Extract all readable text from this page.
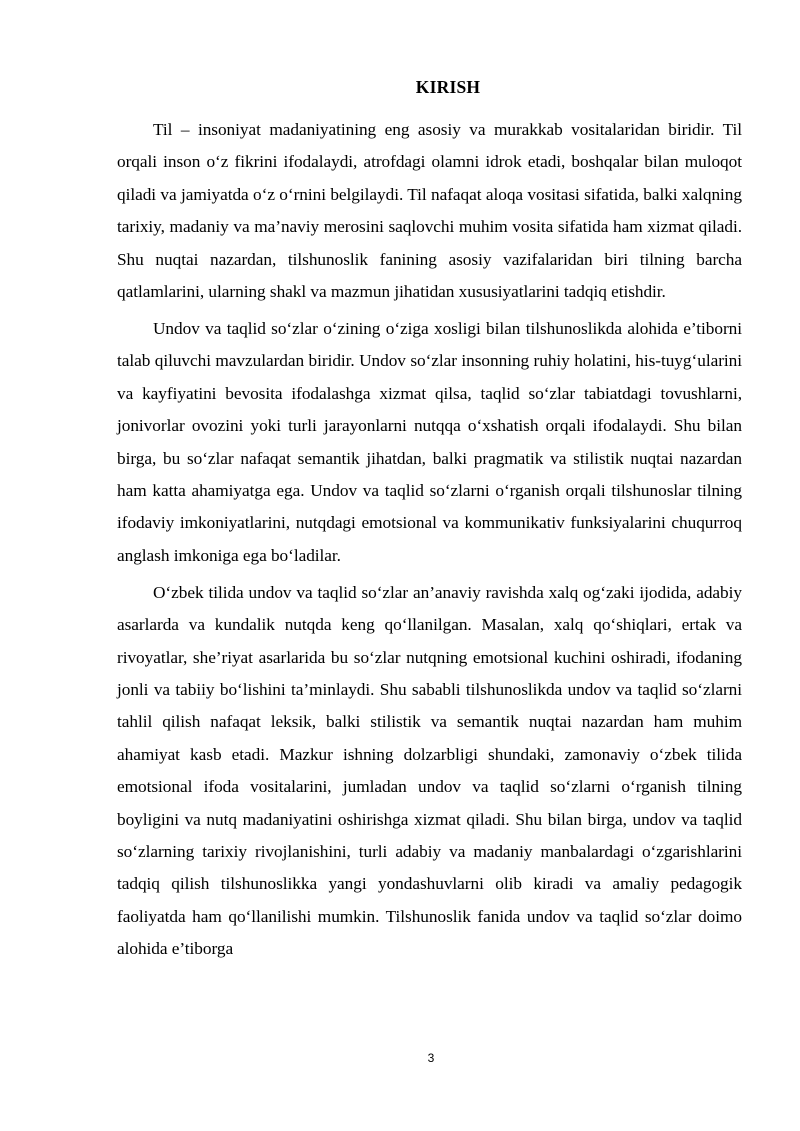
KIRISH

Til – insoniyat madaniyatining eng asosiy va murakkab vositalaridan biridir. Til orqali inson o‘z fikrini ifodalaydi, atrofdagi olamni idrok etadi, boshqalar bilan muloqot qiladi va jamiyatda o‘z o‘rnini belgilaydi. Til nafaqat aloqa vositasi sifatida, balki xalqning tarixiy, madaniy va ma’naviy merosini saqlovchi muhim vosita sifatida ham xizmat qiladi. Shu nuqtai nazardan, tilshunoslik fanining asosiy vazifalaridan biri tilning barcha qatlamlarini, ularning shakl va mazmun jihatidan xususiyatlarini tadqiq etishdir.

Undov va taqlid so‘zlar o‘zining o‘ziga xosligi bilan tilshunoslikda alohida e’tiborni talab qiluvchi mavzulardan biridir. Undov so‘zlar insonning ruhiy holatini, his-tuyg‘ularini va kayfiyatini bevosita ifodalashga xizmat qilsa, taqlid so‘zlar tabiatdagi tovushlarni, jonivorlar ovozini yoki turli jarayonlarni nutqqa o‘xshatish orqali ifodalaydi. Shu bilan birga, bu so‘zlar nafaqat semantik jihatdan, balki pragmatik va stilistik nuqtai nazardan ham katta ahamiyatga ega. Undov va taqlid so‘zlarni o‘rganish orqali tilshunoslar tilning ifodaviy imkoniyatlarini, nutqdagi emotsional va kommunikativ funksiyalarini chuqurroq anglash imkoniga ega bo‘ladilar.

O‘zbek tilida undov va taqlid so‘zlar an’anaviy ravishda xalq og‘zaki ijodida, adabiy asarlarda va kundalik nutqda keng qo‘llanilgan. Masalan, xalq qo‘shiqlari, ertak va rivoyatlar, she’riyat asarlarida bu so‘zlar nutqning emotsional kuchini oshiradi, ifodaning jonli va tabiiy bo‘lishini ta’minlaydi. Shu sababli tilshunoslikda undov va taqlid so‘zlarni tahlil qilish nafaqat leksik, balki stilistik va semantik nuqtai nazardan ham muhim ahamiyat kasb etadi. Mazkur ishning dolzarbligi shundaki, zamonaviy o‘zbek tilida emotsional ifoda vositalarini, jumladan undov va taqlid so‘zlarni o‘rganish tilning boyligini va nutq madaniyatini oshirishga xizmat qiladi. Shu bilan birga, undov va taqlid so‘zlarning tarixiy rivojlanishini, turli adabiy va madaniy manbalardagi o‘zgarishlarini tadqiq qilish tilshunoslikka yangi yondashuvlarni olib kiradi va amaliy pedagogik faoliyatda ham qo‘llanilishi mumkin. Tilshunoslik fanida undov va taqlid so‘zlar doimo alohida e’tiborga

3
